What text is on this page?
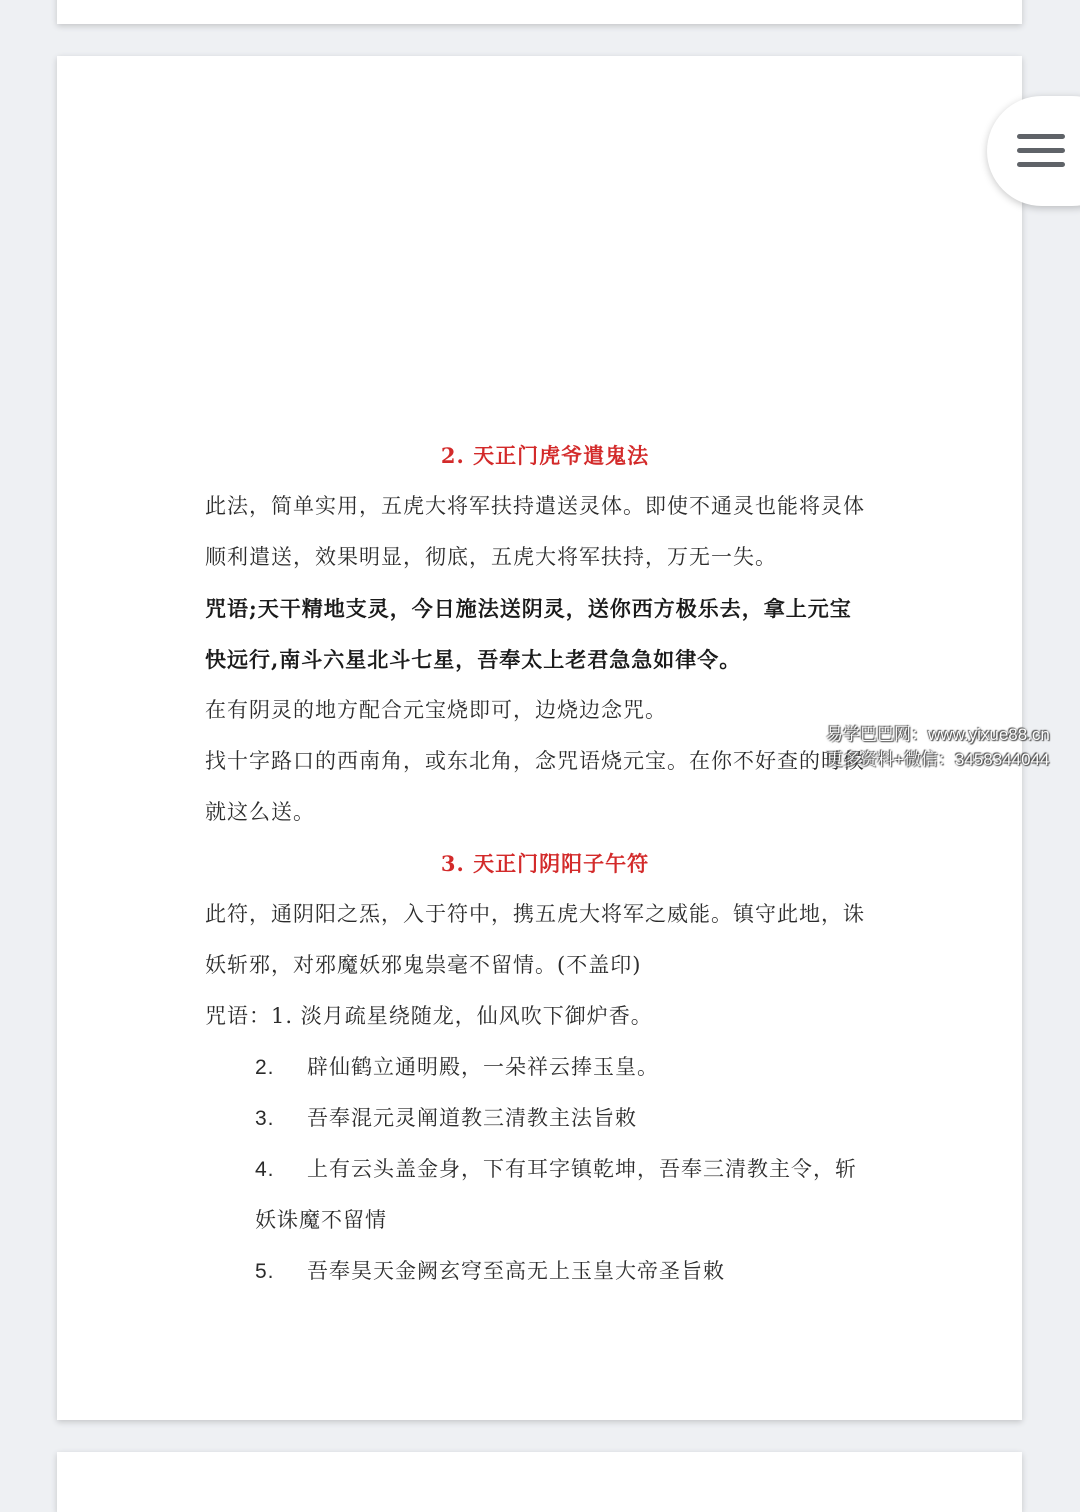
2. 天正门虎爷遣鬼法
此法，简单实用，五虎大将军扶持遣送灵体。即使不通灵也能将灵体
顺利遣送，效果明显，彻底，五虎大将军扶持，万无一失。
咒语;天干精地支灵，今日施法送阴灵，送你西方极乐去，拿上元宝
快远行,南斗六星北斗七星，吾奉太上老君急急如律令。
在有阴灵的地方配合元宝烧即可，边烧边念咒。
找十字路口的西南角，或东北角，念咒语烧元宝。在你不好查的时候
就这么送。
3. 天正门阴阳子午符
此符，通阴阳之炁，入于符中，携五虎大将军之威能。镇守此地，诛
妖斩邪，对邪魔妖邪鬼祟毫不留情。(不盖印)
咒语：1. 淡月疏星绕随龙，仙风吹下御炉香。
2. 辟仙鹤立通明殿，一朵祥云捧玉皇。
3. 吾奉混元灵阐道教三清教主法旨敕
4. 上有云头盖金身，下有耳字镇乾坤，吾奉三清教主令，斩
妖诛魔不留情
5. 吾奉昊天金阙玄穹至高无上玉皇大帝圣旨敕
易学巴巴网：www.yixue88.cn
更多资料+微信：3458344044
